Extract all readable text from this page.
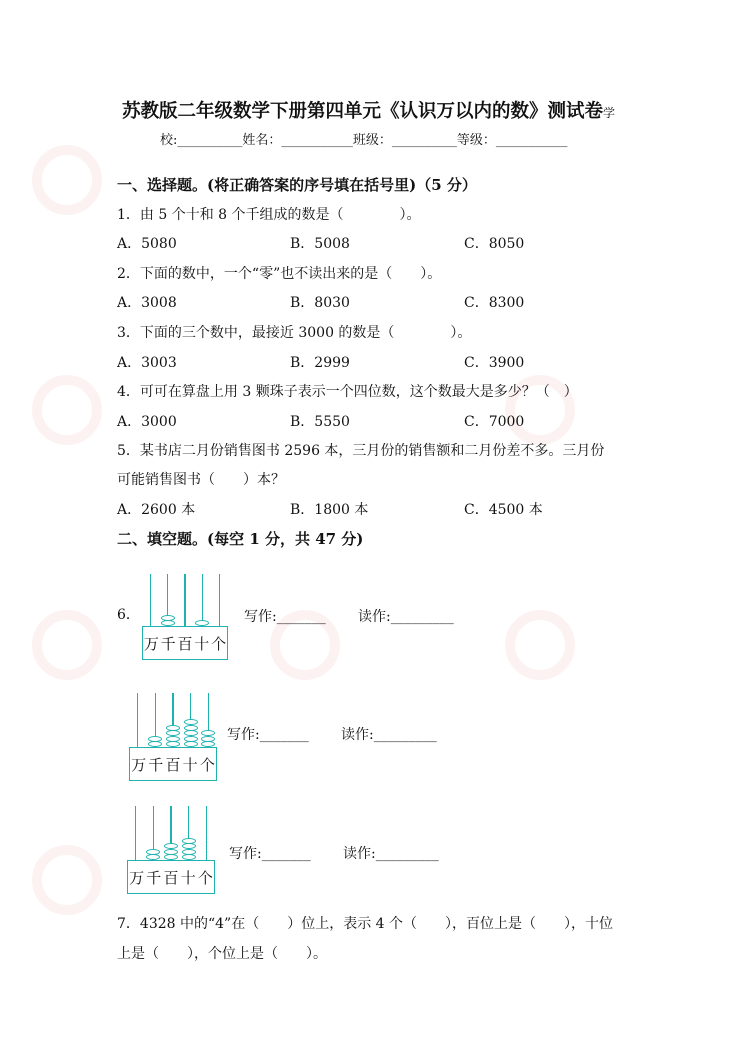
苏教版二年级数学下册第四单元《认识万以内的数》测试卷学
校:__________姓名：___________班级：__________等级：___________
一、选择题。(将正确答案的序号填在括号里)（5 分）
1．由 5 个十和 8 个千组成的数是（　　　　）。
A．5080	B．5008	C．8050
2．下面的数中，一个“零”也不读出来的是（　　）。
A．3008	B．8030	C．8300
3．下面的三个数中，最接近 3000 的数是（　　　　）。
A．3003	B．2999	C．3900
4．可可在算盘上用 3 颗珠子表示一个四位数，这个数最大是多少？（　）
A．3000	B．5550	C．7000
5．某书店二月份销售图书 2596 本，三月份的销售额和二月份差不多。三月份
可能销售图书（　　）本？
A．2600 本	B．1800 本	C．4500 本
二、填空题。(每空 1 分，共 47 分)
6．
万 千 百 十 个
写作:_______ 读作:_________
万 千 百 十 个
写作:_______ 读作:_________
万 千 百 十 个
写作:_______ 读作:_________
7．4328 中的“4”在（　　）位上，表示 4 个（　　），百位上是（　　），十位
上是（　　），个位上是（　　）。
